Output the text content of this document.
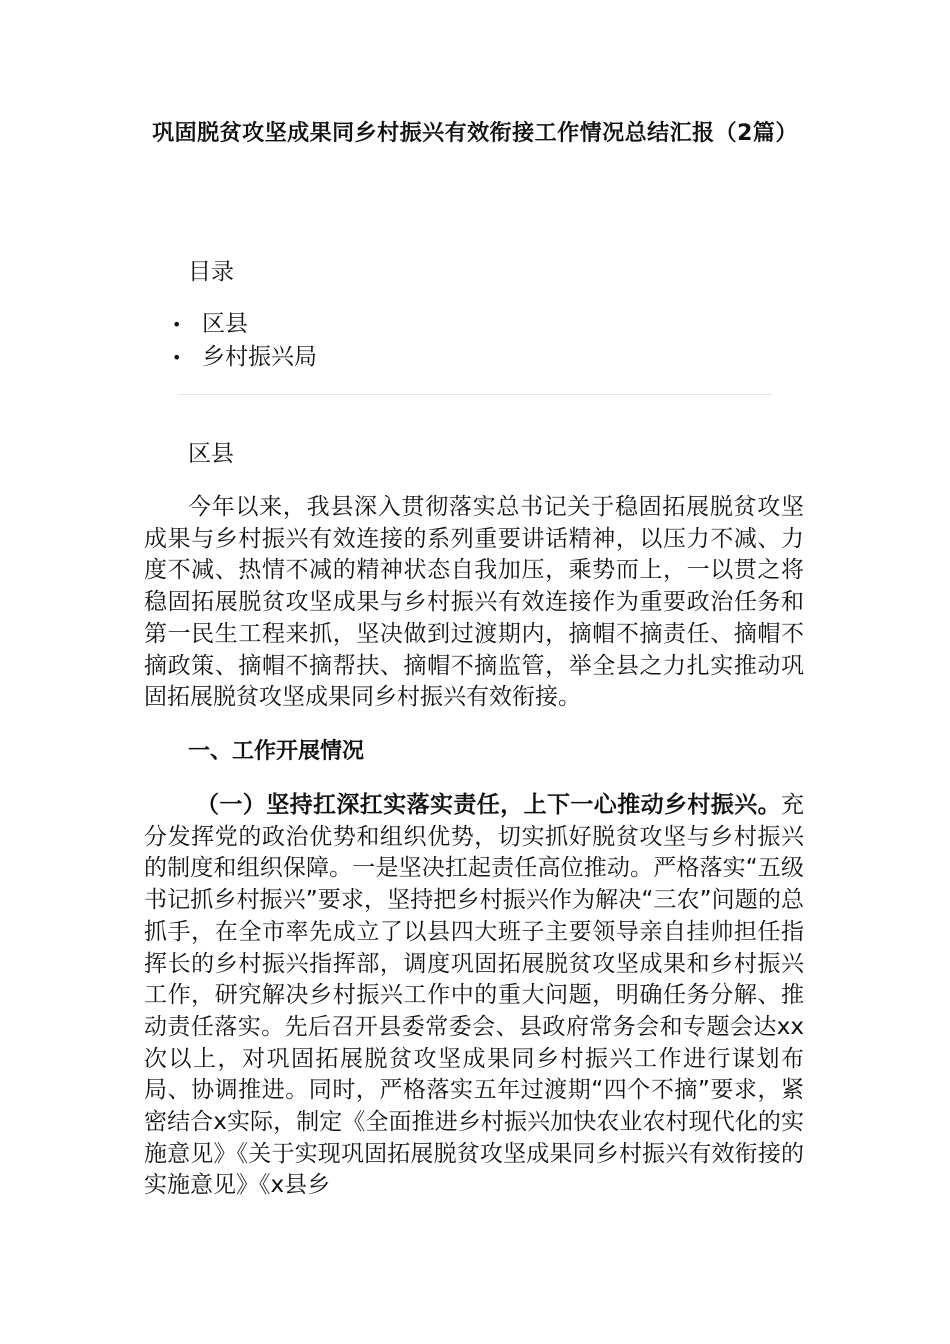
巩固脱贫攻坚成果同乡村振兴有效衔接工作情况总结汇报（2篇）
目录
• 区县
• 乡村振兴局
区县

今年以来，我县深入贯彻落实总书记关于稳固拓展脱贫攻坚成果与乡村振兴有效连接的系列重要讲话精神，以压力不减、力度不减、热情不减的精神状态自我加压，乘势而上，一以贯之将稳固拓展脱贫攻坚成果与乡村振兴有效连接作为重要政治任务和第一民生工程来抓，坚决做到过渡期内，摘帽不摘责任、摘帽不摘政策、摘帽不摘帮扶、摘帽不摘监管，举全县之力扎实推动巩固拓展脱贫攻坚成果同乡村振兴有效衔接。

一、工作开展情况

（一）坚持扛深扛实落实责任，上下一心推动乡村振兴。充分发挥党的政治优势和组织优势，切实抓好脱贫攻坚与乡村振兴的制度和组织保障。一是坚决扛起责任高位推动。严格落实“五级书记抓乡村振兴”要求，坚持把乡村振兴作为解决“三农”问题的总抓手，在全市率先成立了以县四大班子主要领导亲自挂帅担任指挥长的乡村振兴指挥部，调度巩固拓展脱贫攻坚成果和乡村振兴工作，研究解决乡村振兴工作中的重大问题，明确任务分解、推动责任落实。先后召开县委常委会、县政府常务会和专题会达xx次以上，对巩固拓展脱贫攻坚成果同乡村振兴工作进行谋划布局、协调推进。同时，严格落实五年过渡期“四个不摘”要求，紧密结合x实际，制定《全面推进乡村振兴加快农业农村现代化的实施意见》《关于实现巩固拓展脱贫攻坚成果同乡村振兴有效衔接的实施意见》《x县乡
